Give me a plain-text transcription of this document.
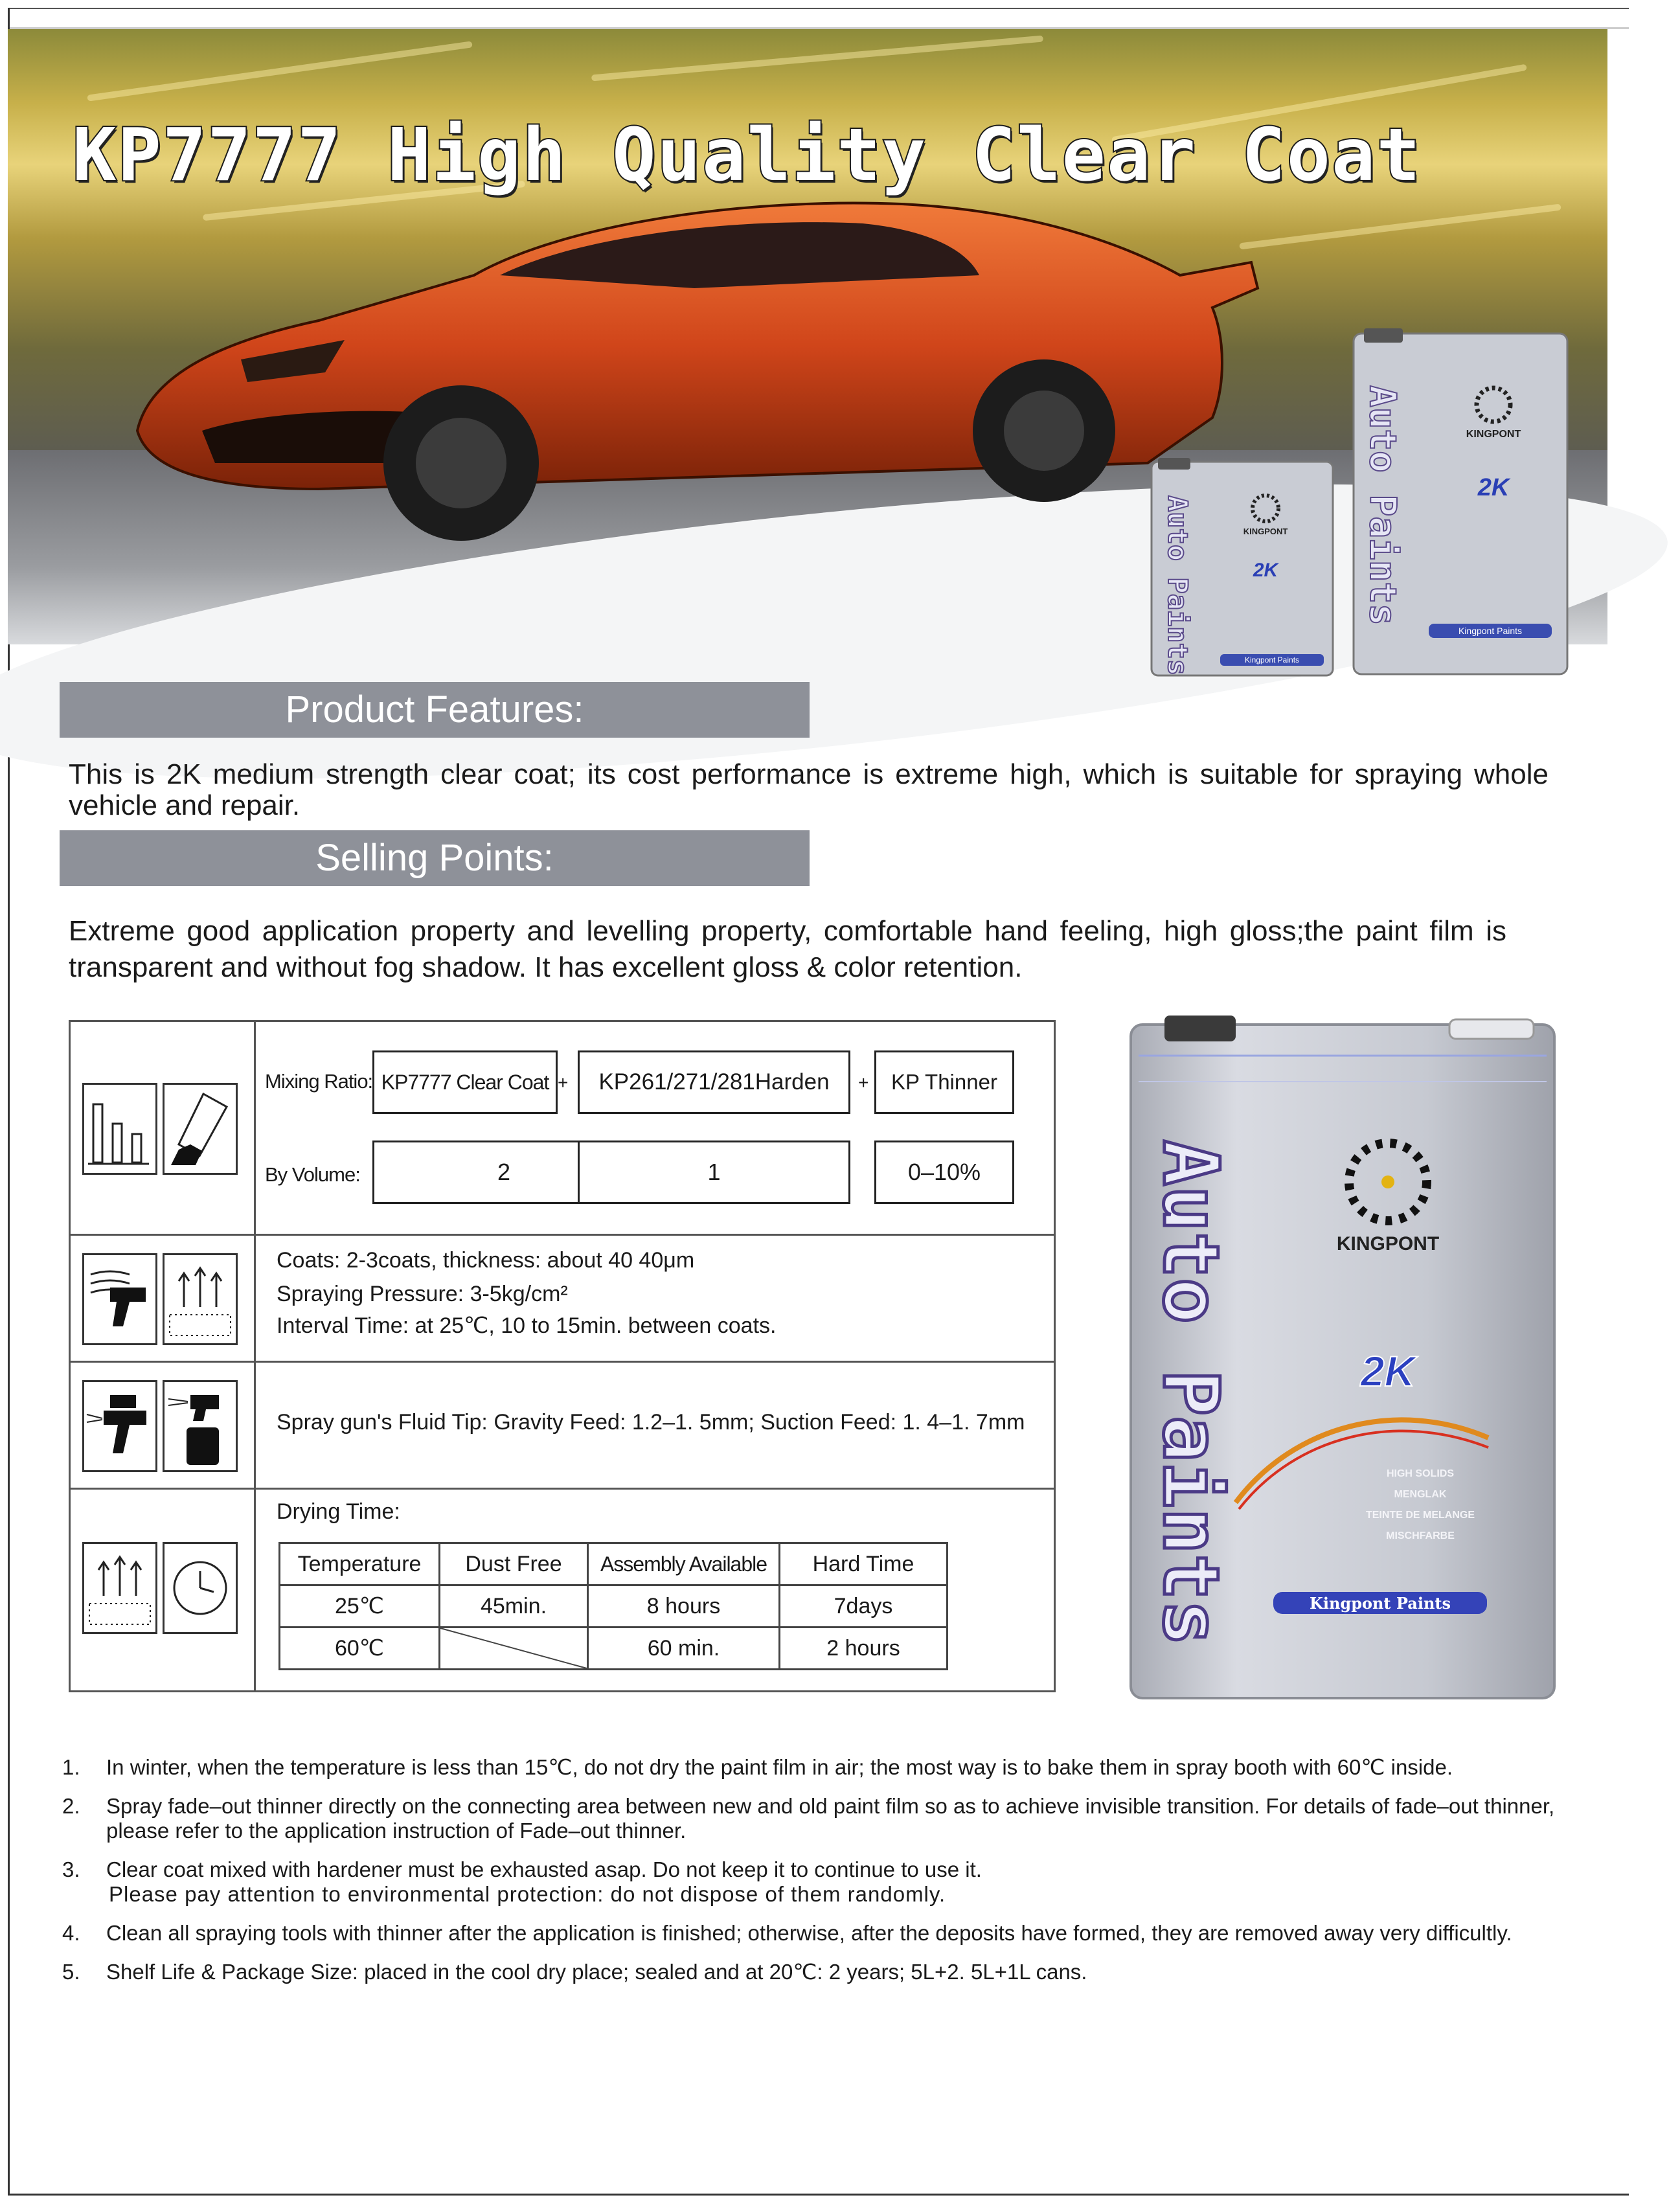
Auto Paints	KINGPONT
2K
Kingpont Paints
Auto Paints	KINGPONT
2K
Kingpont Paints
KP7777 High Quality Clear Coat
Product Features:

This is 2K medium strength clear coat; its cost performance is extreme high, which is suitable for spraying whole vehicle and repair.

Selling Points:

Extreme good application property and levelling property, comfortable hand feeling, high gloss;the paint film is transparent and without fog shadow. It has excellent gloss & color retention.

Mixing Ratio: KP7777 Clear Coat +	KP261/271/281Harden	+	KP Thinner
By Volume:	2	1	0–10%
Coats: 2-3coats, thickness: about 40 40μm
Spraying Pressure: 3-5kg/cm²
Interval Time: at 25℃, 10 to 15min. between coats.
Spray gun's Fluid Tip: Gravity Feed: 1.2–1. 5mm; Suction Feed: 1. 4–1. 7mm
Drying Time:
Temperature	Dust Free	Assembly Available	Hard Time
25℃	45min.	8 hours	7days
60℃		60 min.	2 hours
Auto Paints	KINGPONT
2K
HIGH SOLIDS
MENGLAK
TEINTE DE MELANGE
MISCHFARBE
Kingpont Paints
1. In winter, when the temperature is less than 15℃, do not dry the paint film in air; the most way is to bake them in spray booth with 60℃ inside.
2. Spray fade–out thinner directly on the connecting area between new and old paint film so as to achieve invisible transition. For details of fade–out thinner, please refer to the application instruction of Fade–out thinner.
3. Clear coat mixed with hardener must be exhausted asap. Do not keep it to continue to use it.
Please pay attention to environmental protection: do not dispose of them randomly.
4. Clean all spraying tools with thinner after the application is finished; otherwise, after the deposits have formed, they are removed away very difficultly.
5. Shelf Life & Package Size: placed in the cool dry place; sealed and at 20℃: 2 years; 5L+2. 5L+1L cans.
